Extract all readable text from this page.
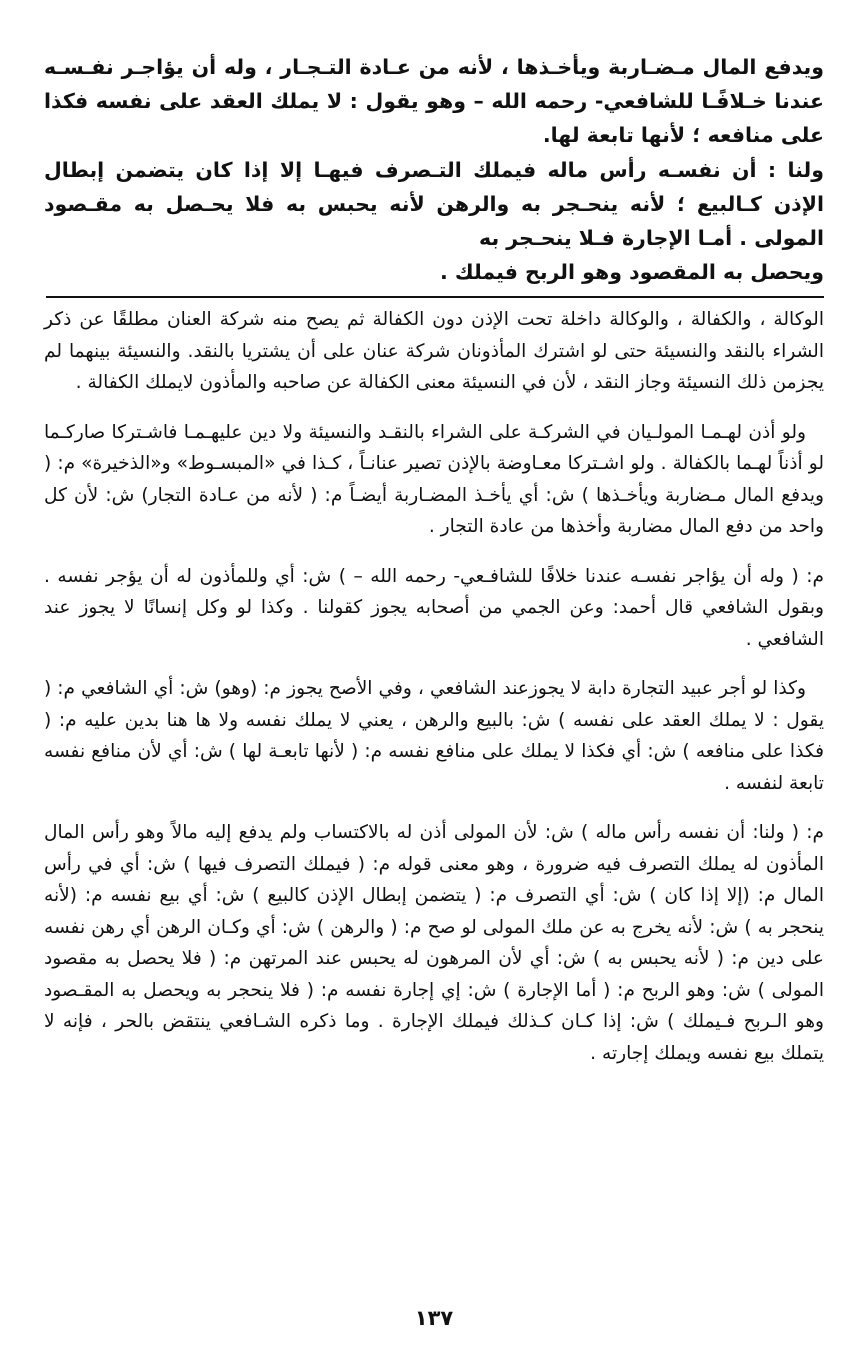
ويدفع المال مـضـاربة ويأخـذها ، لأنه من عـادة التـجـار ، وله أن يؤاجـر نفـسـه عندنا خـلافًـا للشافعي- رحمه الله – وهو يقول : لا يملك العقد على نفسه فكذا على منافعه ؛ لأنها تابعة لها.

ولنا : أن نفسـه رأس ماله فيملك التـصرف فيهـا إلا إذا كان يتضمن إبطال الإذن كـالبيع ؛ لأنه ينحـجر به والرهن لأنه يحبس به فلا يحـصل به مقـصود المولى . أمـا الإجارة فـلا ينحـجر به

ويحصل به المقصود وهو الربح فيملك .

الوكالة ، والكفالة ، والوكالة داخلة تحت الإذن دون الكفالة ثم يصح منه شركة العنان مطلقًا عن ذكر الشراء بالنقد والنسيئة حتى لو اشترك المأذونان شركة عنان على أن يشتريا بالنقد. والنسيئة بينهما لم يجزمن ذلك النسيئة وجاز النقد ، لأن في النسيئة معنى الكفالة عن صاحبه والمأذون لايملك الكفالة .

ولو أذن لهـمـا المولـيان في الشركـة على الشراء بالنقـد والنسيئة ولا دين عليهـمـا فاشـتركا صاركـما لو أذناً لهـما بالكفالة . ولو اشـتركا معـاوضة بالإذن تصير عنانـاً ، كـذا في «المبسـوط» و«الذخيرة» م: ( ويدفع المال مـضاربة ويأخـذها ) ش: أي يأخـذ المضـاربة أيضـاً م: ( لأنه من عـادة التجار) ش: لأن كل واحد من دفع المال مضاربة وأخذها من عادة التجار .

م: ( وله أن يؤاجر نفسـه عندنا خلافًا للشافـعي- رحمه الله – ) ش: أي وللمأذون له أن يؤجر نفسه . وبقول الشافعي قال أحمد: وعن الجمي من أصحابه يجوز كقولنا . وكذا لو وكل إنسانًا لا يجوز عند الشافعي .

وكذا لو أجر عبيد التجارة دابة لا يجوزعند الشافعي ، وفي الأصح يجوز م: (وهو) ش: أي الشافعي م: ( يقول : لا يملك العقد على نفسه ) ش: بالبيع والرهن ، يعني لا يملك نفسه ولا ها هنا بدين عليه م: ( فكذا على منافعه ) ش: أي فكذا لا يملك على منافع نفسه م: ( لأنها تابعـة لها ) ش: أي لأن منافع نفسه تابعة لنفسه .

م: ( ولنا: أن نفسه رأس ماله ) ش: لأن المولى أذن له بالاكتساب ولم يدفع إليه مالاً وهو رأس المال المأذون له يملك التصرف فيه ضرورة ، وهو معنى قوله م: ( فيملك التصرف فيها ) ش: أي في رأس المال م: (إلا إذا كان ) ش: أي التصرف م: ( يتضمن إبطال الإذن كالبيع ) ش: أي بيع نفسه م: (لأنه ينحجر به ) ش: لأنه يخرج به عن ملك المولى لو صح م: ( والرهن ) ش: أي وكـان الرهن أي رهن نفسه على دين م: ( لأنه يحبس به ) ش: أي لأن المرهون له يحبس عند المرتهن م: ( فلا يحصل به مقصود المولى ) ش: وهو الربح م: ( أما الإجارة ) ش: إي إجارة نفسه م: ( فلا ينحجر به ويحصل به المقـصود وهو الـربح فـيملك ) ش: إذا كـان كـذلك فيملك الإجارة . وما ذكره الشـافعي ينتقض بالحر ، فإنه لا يتملك بيع نفسه ويملك إجارته .

١٣٧
